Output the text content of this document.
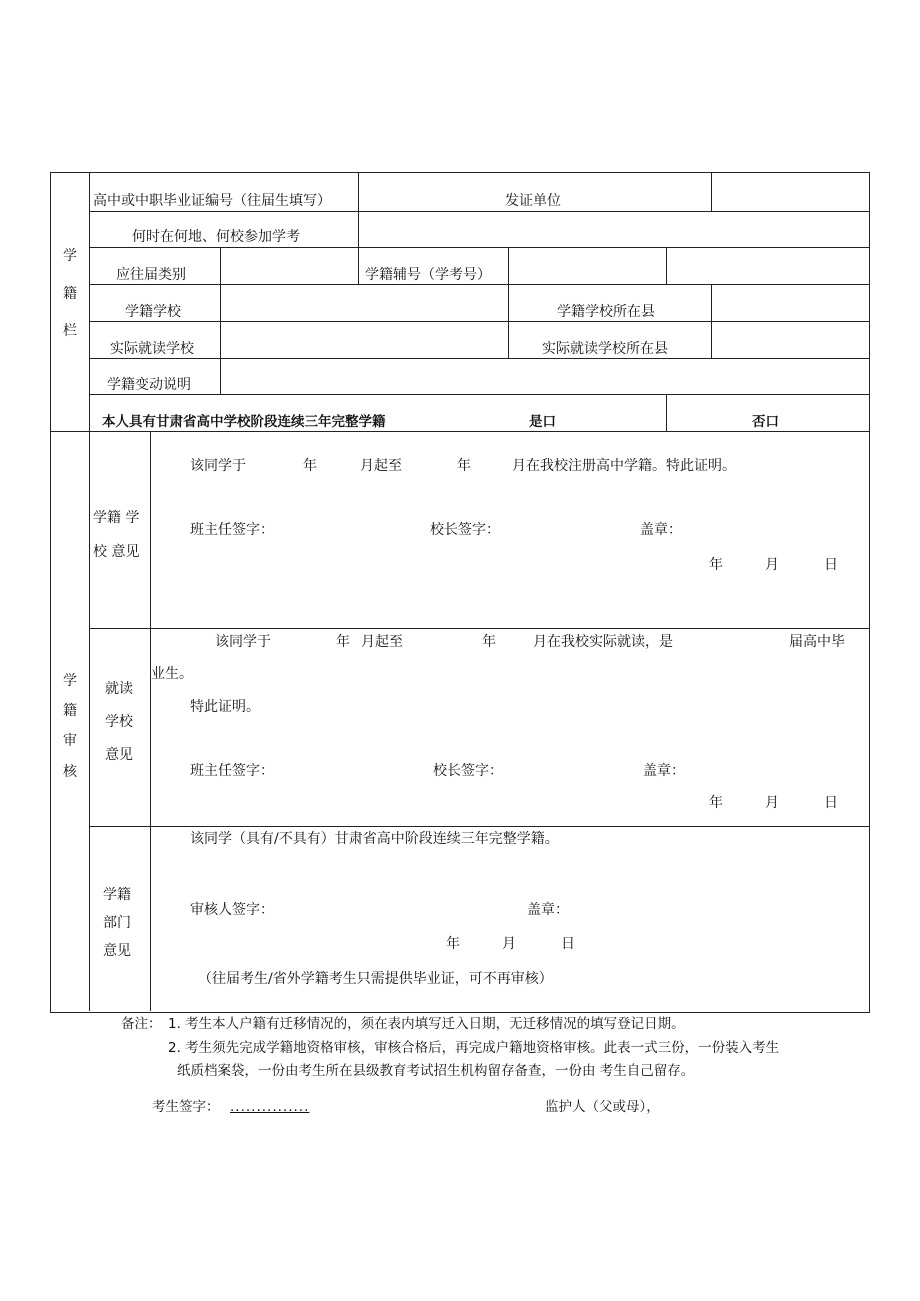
学
籍
栏
高中或中职毕业证编号（往届生填写）	发证单位
何时在何地、何校参加学考
应往届类别	学籍辅号（学考号）
学籍学校	学籍学校所在县
实际就读学校	实际就读学校所在县
学籍变动说明
本人具有甘肃省高中学校阶段连续三年完整学籍	是口	否口
学
籍
审
核
学籍 学
校 意见
该同学于	年	月起至	年	月在我校注册高中学籍。特此证明。
班主任签字：	校长签字：	盖章：
年	月	日
就读
学校
意见
该同学于	年 月起至	年	月在我校实际就读，是	届高中毕
业生。
特此证明。
班主任签字：	校长签字：	盖章：
年	月	日
学籍
部门
意见
该同学（具有/不具有）甘肃省高中阶段连续三年完整学籍。
审核人签字：	盖章：
年	月	日
（往届考生/省外学籍考生只需提供毕业证，可不再审核）
备注： 1. 考生本人户籍有迁移情况的，须在表内填写迁入日期，无迁移情况的填写登记日期。
2. 考生须先完成学籍地资格审核，审核合格后，再完成户籍地资格审核。此表一式三份，一份装入考生
纸质档案袋，一份由考生所在县级教育考试招生机构留存备查，一份由 考生自己留存。
考生签字： ...............	监护人（父或母），
